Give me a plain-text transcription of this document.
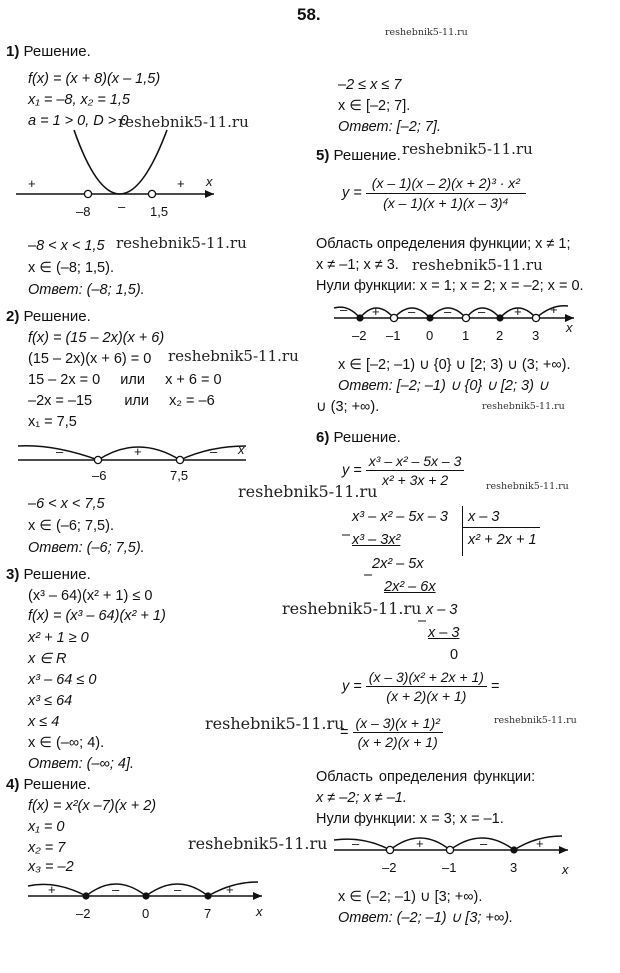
58.
reshebnik5-11.ru
1) Решение.
f(x) = (x + 8)(x – 1,5)
x₁ = –8, x₂ = 1,5
a = 1 > 0, D > 0
reshebnik5-11.ru
+
–
+
–8	1,5
x
–8 < x < 1,5 reshebnik5-11.ru
x ∈ (–8; 1,5).
Ответ: (–8; 1,5).
2) Решение.
f(x) = (15 – 2x)(x + 6)
(15 – 2x)(x + 6) = 0 reshebnik5-11.ru
15 – 2x = 0     или     x + 6 = 0
–2x = –15        или     x₂ = –6
x₁ = 7,5
–	+	–
–6	7,5
x
–6 < x < 7,5
reshebnik5-11.ru
x ∈ (–6; 7,5).
Ответ: (–6; 7,5).
3) Решение.
(x³ – 64)(x² + 1) ≤ 0
f(x) = (x³ – 64)(x² + 1)
x² + 1 ≥ 0
x ∈ R
x³ – 64 ≤ 0
x³ ≤ 64
x ≤ 4
x ∈ (–∞; 4).
Ответ: (–∞; 4].
reshebnik5-11.ru
4) Решение.
f(x) = x²(x –7)(x + 2)
x₁ = 0
x₂ = 7
x₃ = –2
reshebnik5-11.ru
+	–	–	+
–2	0	7	x
–2 ≤ x ≤ 7
x ∈ [–2; 7].
Ответ: [–2; 7].
5) Решение. reshebnik5-11.ru
$y = \frac{\text{(x – 1)(x – 2)(x + 2)³ · x²}}{\text{(x – 1)(x + 1)(x – 3)⁴}}$
Область определения функции; x ≠ 1;
x ≠ –1; x ≠ 3. reshebnik5-11.ru
Нули функции: x = 1; x = 2; x = –2; x = 0.
– + – – – + +
–2 –1 0 1 2 3
x
x ∈ [–2; –1) ∪ {0} ∪ [2; 3) ∪ (3; +∞).
Ответ: [–2; –1) ∪ {0} ∪ [2; 3) ∪
∪ (3; +∞).	reshebnik5-11.ru
6) Решение.
$y = \frac{\text{x³ – x² – 5x – 3}}{\text{x² + 3x + 2}}$ reshebnik5-11.ru
x³ – x² – 5x – 3
–
x – 3
x² + 2x + 1
x³ – 3x²
2x² – 5x
–
2x² – 6x
x – 3
reshebnik5-11.ru
–
x – 3
0
$y = \frac{\text{(x – 3)(x² + 2x + 1)}}{(x + 2)(x + 1)}$ =
= $\frac{\text{(x – 3)(x + 1)²}}{(x + 2)(x + 1)}$	reshebnik5-11.ru
Область определения функции:
x ≠ –2; x ≠ –1.
Нули функции: x = 3; x = –1.
–	+	–	+
–2	–1	3	x
x ∈ (–2; –1) ∪ [3; +∞).
Ответ: (–2; –1) ∪ [3; +∞).
